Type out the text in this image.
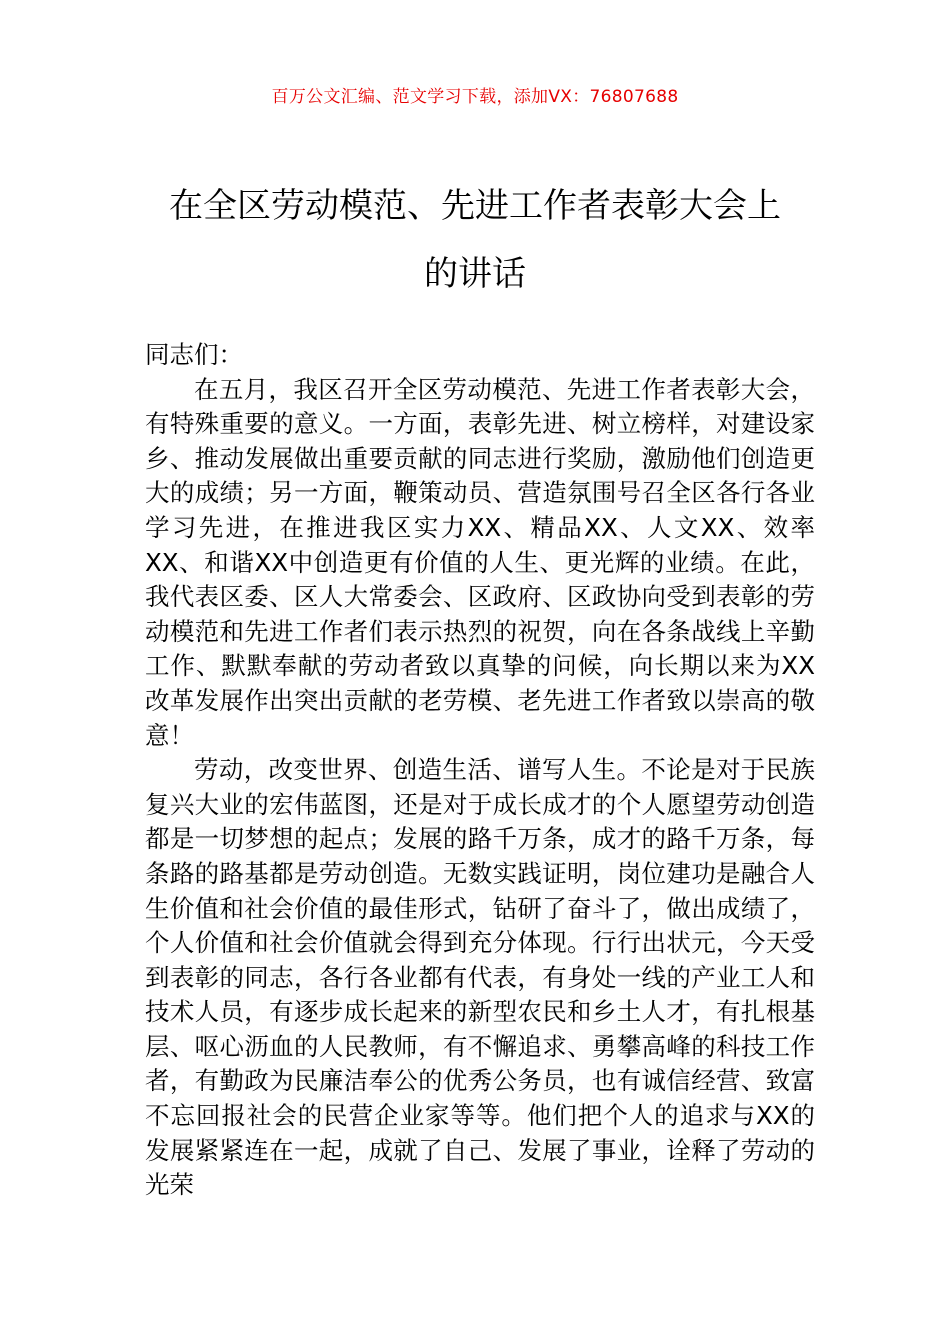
百万公文汇编、范文学习下载，添加VX：76807688
在全区劳动模范、先进工作者表彰大会上
的讲话

同志们：

在五月，我区召开全区劳动模范、先进工作者表彰大会，有特殊重要的意义。一方面，表彰先进、树立榜样，对建设家乡、推动发展做出重要贡献的同志进行奖励，激励他们创造更大的成绩；另一方面，鞭策动员、营造氛围号召全区各行各业学习先进，在推进我区实力XX、精品XX、人文XX、效率XX、和谐XX中创造更有价值的人生、更光辉的业绩。在此，我代表区委、区人大常委会、区政府、区政协向受到表彰的劳动模范和先进工作者们表示热烈的祝贺，向在各条战线上辛勤工作、默默奉献的劳动者致以真挚的问候，向长期以来为XX改革发展作出突出贡献的老劳模、老先进工作者致以崇高的敬意！

劳动，改变世界、创造生活、谱写人生。不论是对于民族复兴大业的宏伟蓝图，还是对于成长成才的个人愿望劳动创造都是一切梦想的起点；发展的路千万条，成才的路千万条，每条路的路基都是劳动创造。无数实践证明，岗位建功是融合人生价值和社会价值的最佳形式，钻研了奋斗了，做出成绩了，个人价值和社会价值就会得到充分体现。行行出状元，今天受到表彰的同志，各行各业都有代表，有身处一线的产业工人和技术人员，有逐步成长起来的新型农民和乡土人才，有扎根基层、呕心沥血的人民教师，有不懈追求、勇攀高峰的科技工作者，有勤政为民廉洁奉公的优秀公务员，也有诚信经营、致富不忘回报社会的民营企业家等等。他们把个人的追求与XX的发展紧紧连在一起，成就了自己、发展了事业，诠释了劳动的光荣
